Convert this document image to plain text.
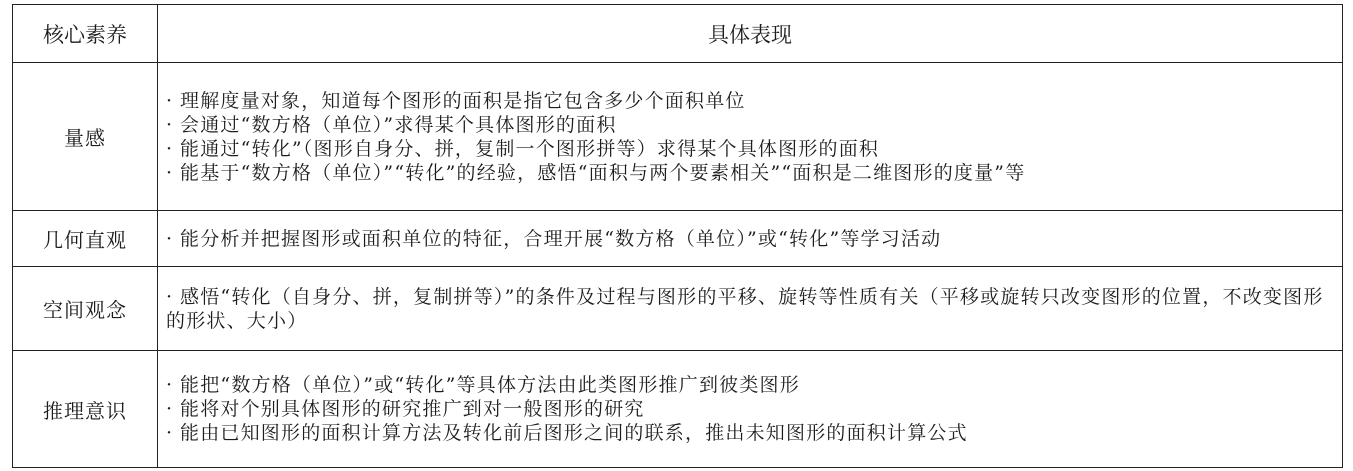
核心素养	具体表现
量感	· 理解度量对象，知道每个图形的面积是指它包含多少个面积单位
· 会通过“数方格（单位）”求得某个具体图形的面积
· 能通过“转化”（图形自身分、拼，复制一个图形拼等）求得某个具体图形的面积
· 能基于“数方格（单位）”“转化”的经验，感悟“面积与两个要素相关”“面积是二维图形的度量”等

几何直观	· 能分析并把握图形或面积单位的特征，合理开展“数方格（单位）”或“转化”等学习活动

空间观念	· 感悟“转化（自身分、拼，复制拼等）”的条件及过程与图形的平移、旋转等性质有关（平移或旋转只改变图形的位置，不改变图形的形状、大小）

推理意识	· 能把“数方格（单位）”或“转化”等具体方法由此类图形推广到彼类图形
· 能将对个别具体图形的研究推广到对一般图形的研究
· 能由已知图形的面积计算方法及转化前后图形之间的联系，推出未知图形的面积计算公式
